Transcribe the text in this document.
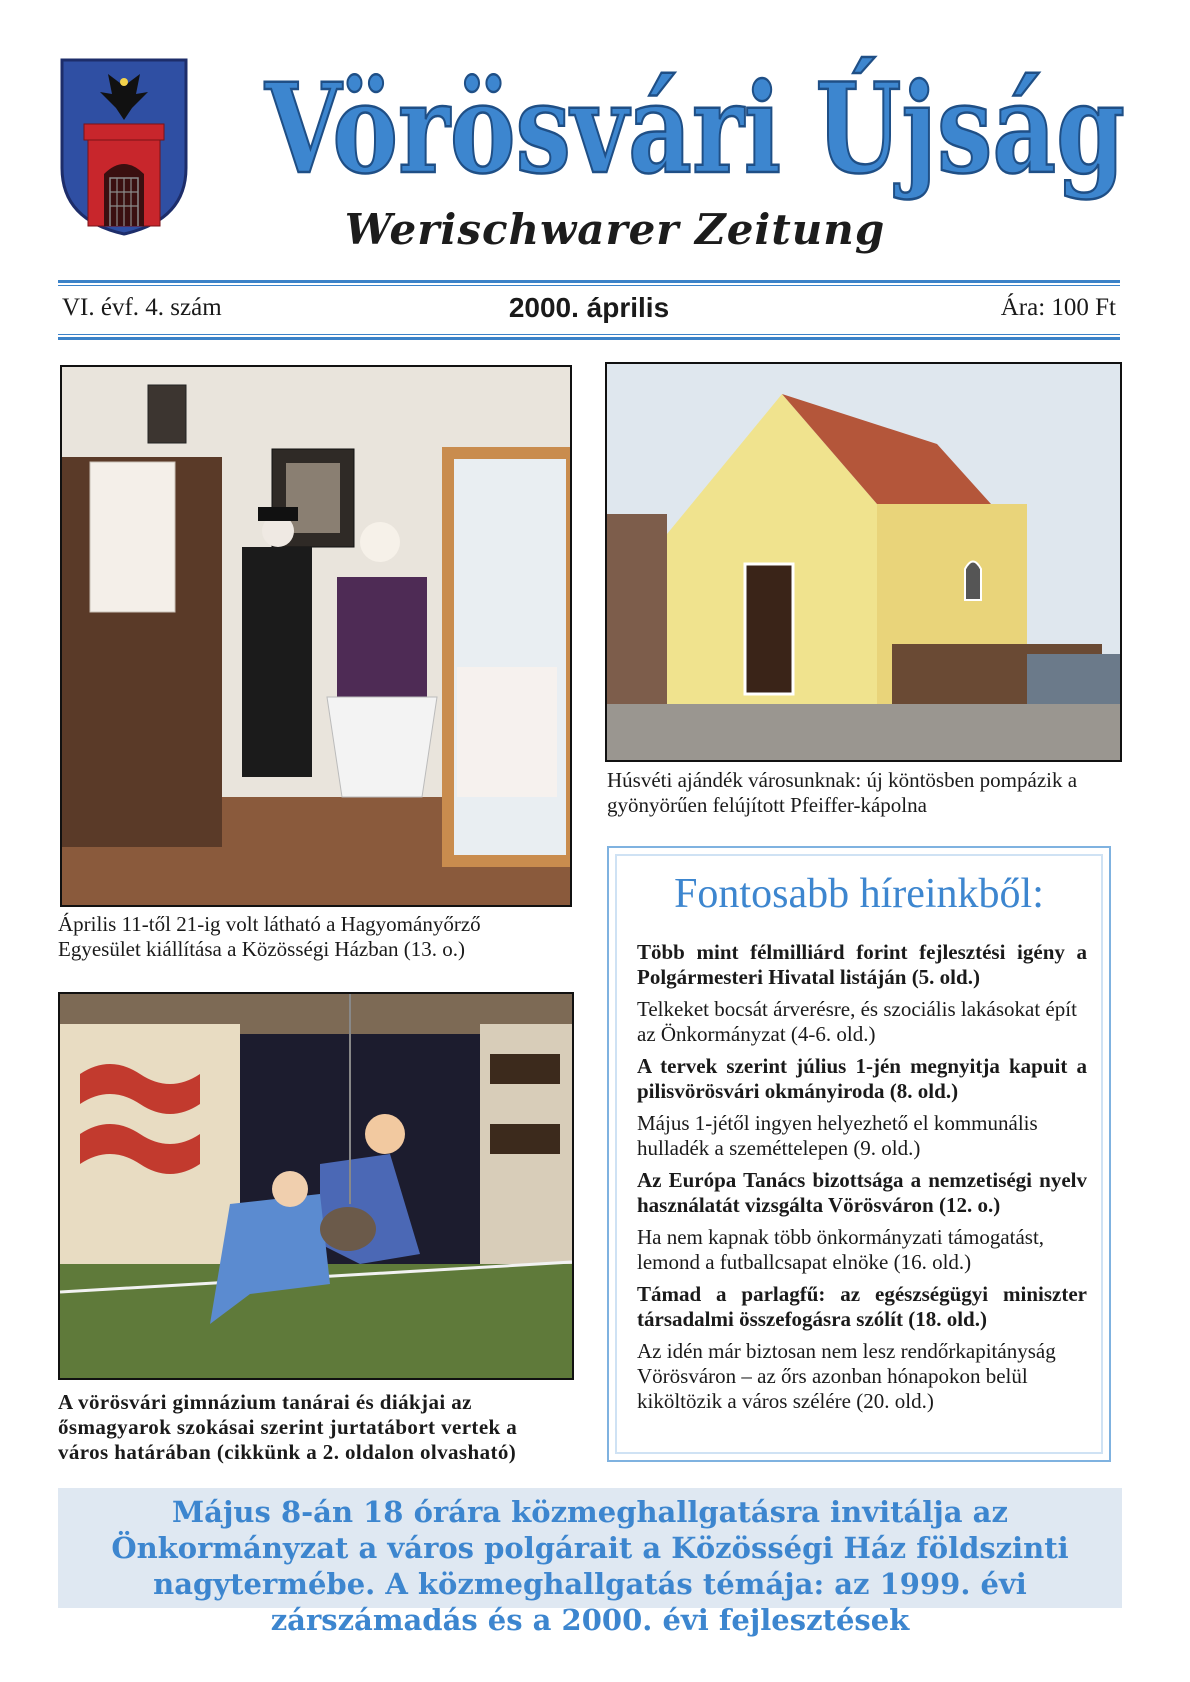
Vörösvári Újság
Werischwarer Zeitung
VI. évf. 4. szám	2000. április	Ára: 100 Ft
Húsvéti ajándék városunknak: új köntösben pompázik a gyönyörűen felújított Pfeiffer-kápolna
Április 11-től 21-ig volt látható a Hagyományőrző Egyesület kiállítása a Közösségi Házban (13. o.)
A vörösvári gimnázium tanárai és diákjai az ősmagyarok szokásai szerint jurtatábort vertek a város határában (cikkünk a 2. oldalon olvasható)
Fontosabb híreinkből:
Több mint félmilliárd forint fejlesztési igény a Polgármesteri Hivatal listáján (5. old.)
Telkeket bocsát árverésre, és szociális lakásokat épít az Önkormányzat (4-6. old.)
A tervek szerint július 1-jén megnyitja kapuit a pilisvörösvári okmányiroda (8. old.)
Május 1-jétől ingyen helyezhető el kommunális hulladék a szeméttelepen (9. old.)
Az Európa Tanács bizottsága a nemzetiségi nyelv használatát vizsgálta Vörösváron (12. o.)
Ha nem kapnak több önkormányzati támogatást, lemond a futballcsapat elnöke (16. old.)
Támad a parlagfű: az egészségügyi miniszter társadalmi összefogásra szólít (18. old.)
Az idén már biztosan nem lesz rendőrkapitányság Vörösváron – az őrs azonban hónapokon belül kiköltözik a város szélére (20. old.)
Május 8-án 18 órára közmeghallgatásra invitálja az Önkormányzat a város polgárait a Közösségi Ház földszinti nagytermébe. A közmeghallgatás témája: az 1999. évi zárszámadás és a 2000. évi fejlesztések
